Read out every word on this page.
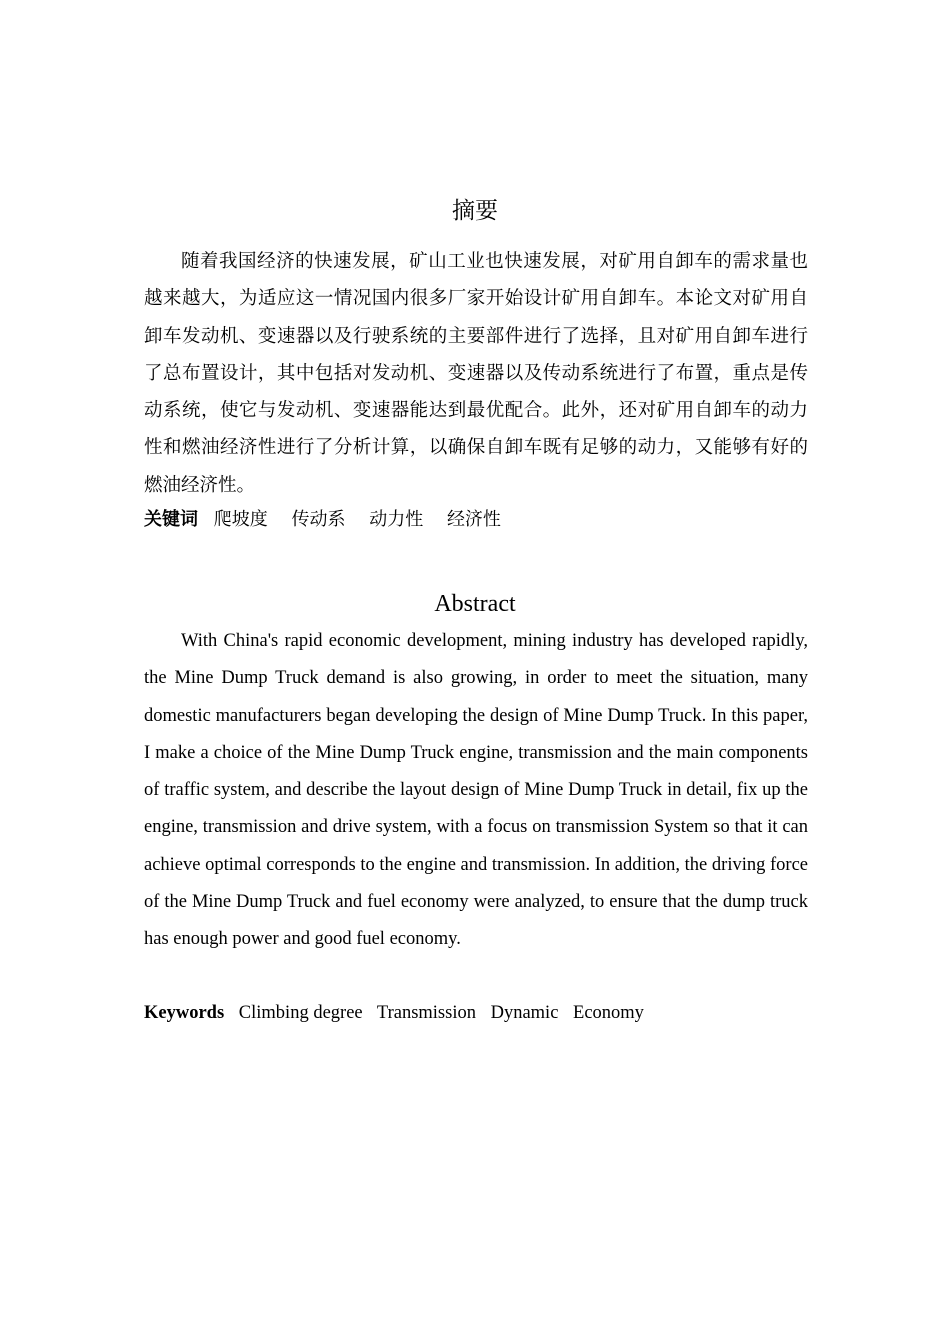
摘要

随着我国经济的快速发展，矿山工业也快速发展，对矿用自卸车的需求量也越来越大，为适应这一情况国内很多厂家开始设计矿用自卸车。本论文对矿用自卸车发动机、变速器以及行驶系统的主要部件进行了选择，且对矿用自卸车进行了总布置设计，其中包括对发动机、变速器以及传动系统进行了布置，重点是传动系统，使它与发动机、变速器能达到最优配合。此外，还对矿用自卸车的动力性和燃油经济性进行了分析计算，以确保自卸车既有足够的动力，又能够有好的燃油经济性。

关键词 爬坡度 传动系 动力性 经济性
Abstract

With China's rapid economic development, mining industry has developed rapidly, the Mine Dump Truck demand is also growing, in order to meet the situation, many domestic manufacturers began developing the design of Mine Dump Truck. In this paper, I make a choice of the Mine Dump Truck engine, transmission and the main components of traffic system, and describe the layout design of Mine Dump Truck in detail, fix up the engine, transmission and drive system, with a focus on transmission System so that it can achieve optimal corresponds to the engine and transmission. In addition, the driving force of the Mine Dump Truck and fuel economy were analyzed, to ensure that the dump truck has enough power and good fuel economy.

Keywords Climbing degree Transmission Dynamic Economy
